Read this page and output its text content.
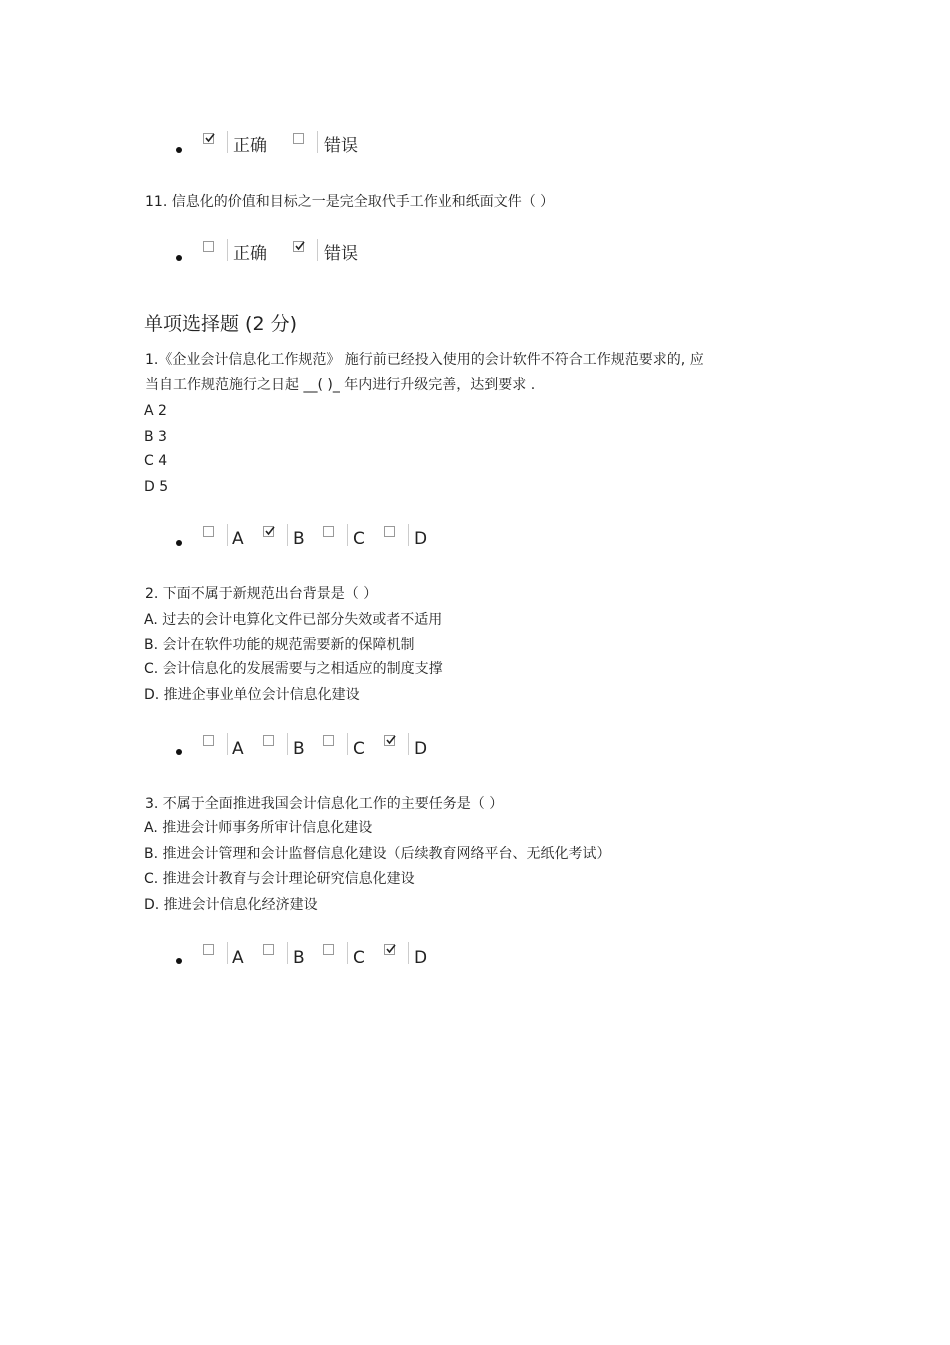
正确	错误
11. 信息化的价值和目标之一是完全取代手工作业和纸面文件（ ）
正确	错误
单项选择题 (2 分)
1.《企业会计信息化工作规范》 施行前已经投入使用的会计软件不符合工作规范要求的, 应
当自工作规范施行之日起 __( )_ 年内进行升级完善，达到要求 .
A 2
B 3
C 4
D 5
A	B	C	D
2. 下面不属于新规范出台背景是（ ）
A. 过去的会计电算化文件已部分失效或者不适用
B. 会计在软件功能的规范需要新的保障机制
C. 会计信息化的发展需要与之相适应的制度支撑
D. 推进企事业单位会计信息化建设
A	B	C	D
3. 不属于全面推进我国会计信息化工作的主要任务是（ ）
A. 推进会计师事务所审计信息化建设
B. 推进会计管理和会计监督信息化建设（后续教育网络平台、无纸化考试）
C. 推进会计教育与会计理论研究信息化建设
D. 推进会计信息化经济建设
A	B	C	D
